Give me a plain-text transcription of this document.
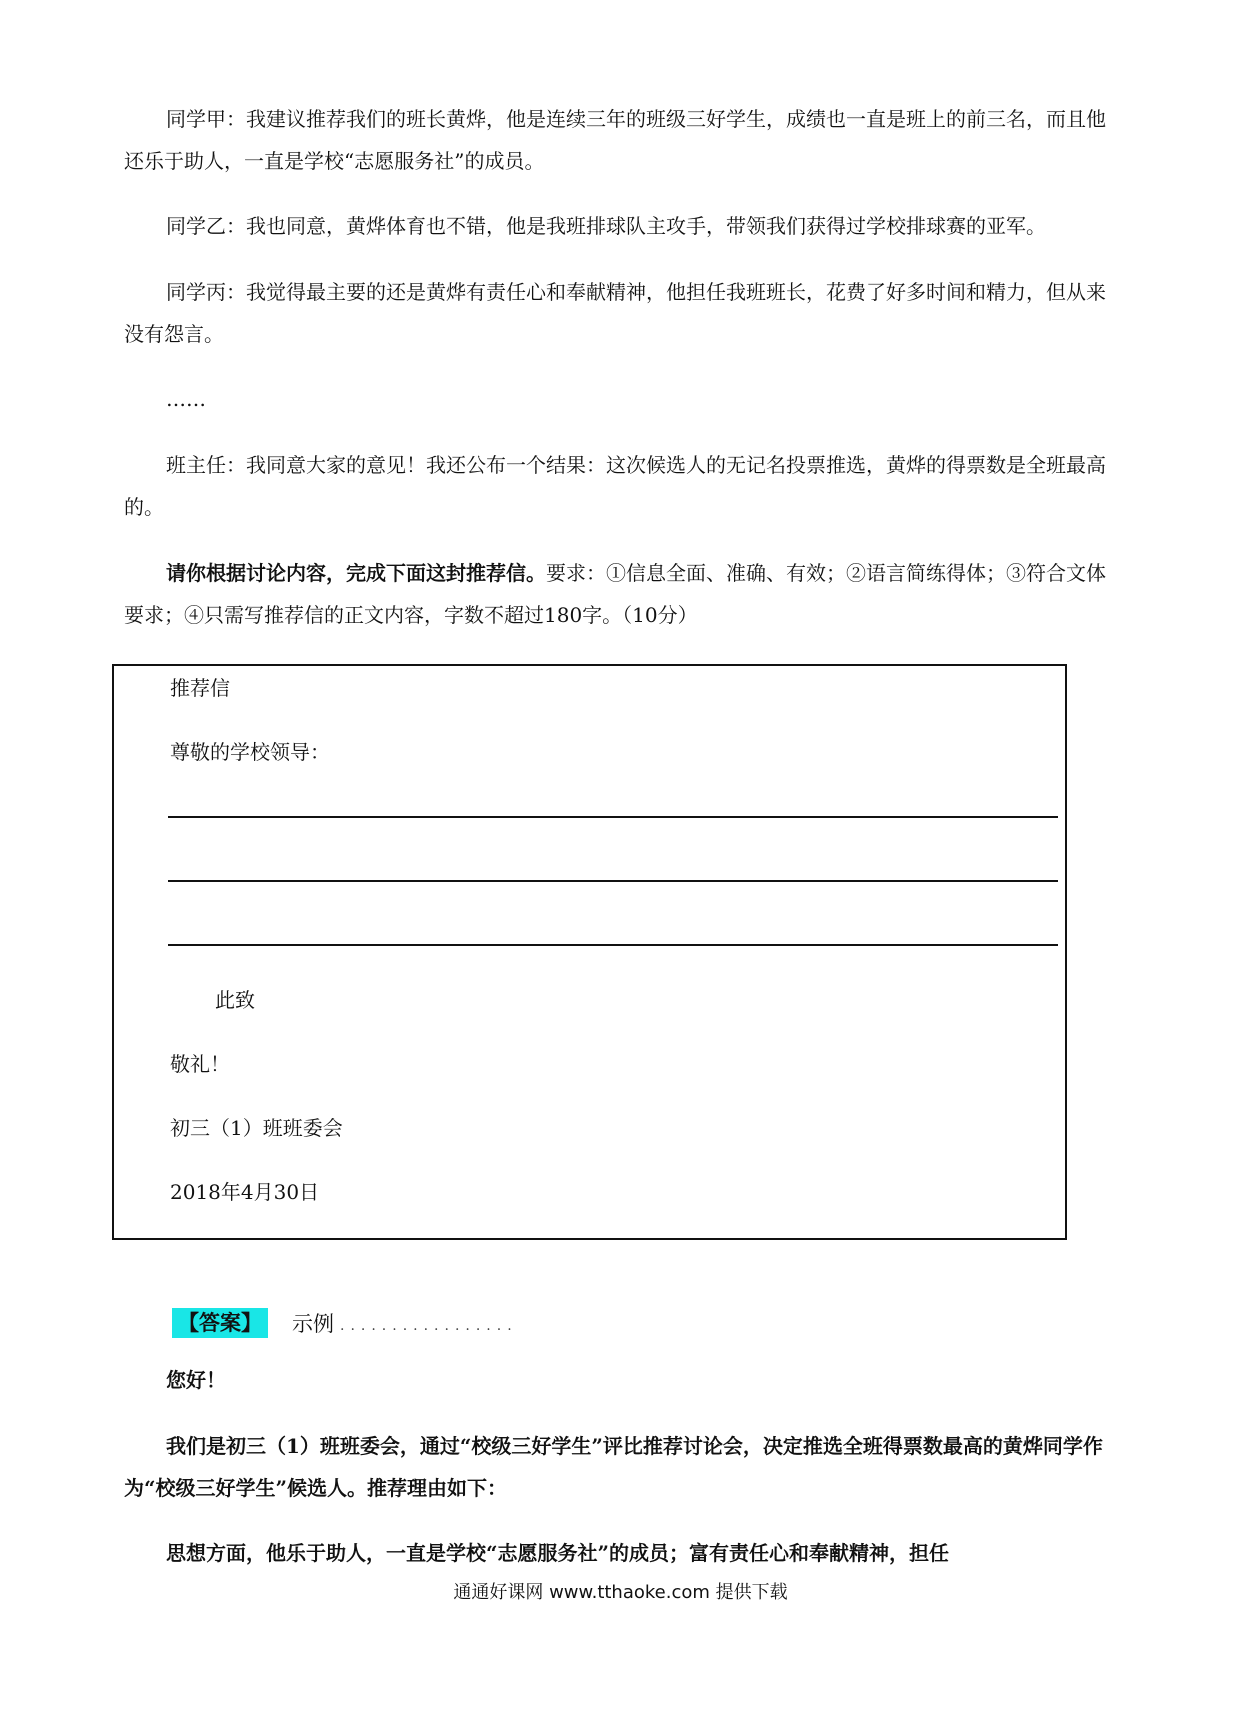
同学甲：我建议推荐我们的班长黄烨，他是连续三年的班级三好学生，成绩也一直是班上的前三名，而且他还乐于助人，一直是学校“志愿服务社”的成员。

同学乙：我也同意，黄烨体育也不错，他是我班排球队主攻手，带领我们获得过学校排球赛的亚军。

同学丙：我觉得最主要的还是黄烨有责任心和奉献精神，他担任我班班长，花费了好多时间和精力，但从来没有怨言。

……

班主任：我同意大家的意见！我还公布一个结果：这次候选人的无记名投票推选，黄烨的得票数是全班最高的。

请你根据讨论内容，完成下面这封推荐信。要求：①信息全面、准确、有效；②语言简练得体；③符合文体要求；④只需写推荐信的正文内容，字数不超过180字。（10分）

推荐信
尊敬的学校领导：
此致
敬礼！
初三（1）班班委会
2018年4月30日
【答案】 示例 .................

您好！

我们是初三（1）班班委会，通过“校级三好学生”评比推荐讨论会，决定推选全班得票数最高的黄烨同学作为“校级三好学生”候选人。推荐理由如下：

思想方面，他乐于助人，一直是学校“志愿服务社”的成员；富有责任心和奉献精神，担任

通通好课网 www.tthaoke.com 提供下载
